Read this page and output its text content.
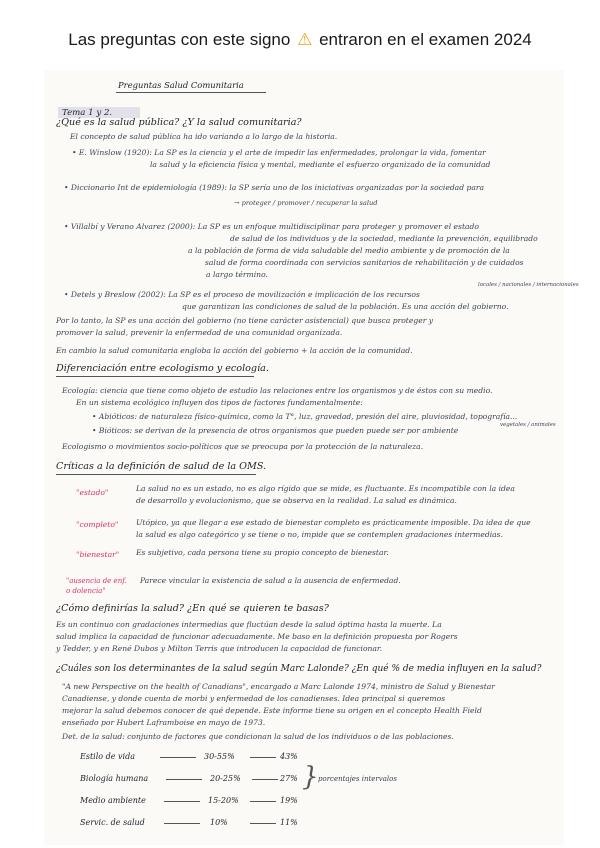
Las preguntas con este signo ⚠ entraron en el examen 2024
Preguntas Salud Comunitaria
Tema 1 y 2.
¿Qué es la salud pública? ¿Y la salud comunitaria?
El concepto de salud pública ha ido variando a lo largo de la historia.
• E. Winslow (1920): La SP es la ciencia y el arte de impedir las enfermedades, prolongar la vida, fomentar
la salud y la eficiencia física y mental, mediante el esfuerzo organizado de la comunidad
• Diccionario Int de epidemiología (1989): la SP sería uno de los iniciativas organizadas por la sociedad para
→ proteger / promover / recuperar la salud
• Villalbí y Verano Alvarez (2000): La SP es un enfoque multidisciplinar para proteger y promover el estado
de salud de los individuos y de la sociedad, mediante la prevención, equilibrado
a la población de forma de vida saludable del medio ambiente y de promoción de la
salud de forma coordinada con servicios sanitarios de rehabilitación y de cuidados
a largo término.
• Detels y Breslow (2002): La SP es el proceso de movilización e implicación de los recursos
que garantizan las condiciones de salud de la población. Es una acción del gobierno.
locales / nacionales / internacionales
Por lo tanto, la SP es una acción del gobierno (no tiene carácter asistencial) que busca proteger y
promover la salud, prevenir la enfermedad de una comunidad organizada.
En cambio la salud comunitaria engloba la acción del gobierno + la acción de la comunidad.
Diferenciación entre ecologismo y ecología.
Ecología: ciencia que tiene como objeto de estudio las relaciones entre los organismos y de éstos con su medio.
En un sistema ecológico influyen dos tipos de factores fundamentalmente:
• Abióticos: de naturaleza físico-química, como la T°, luz, gravedad, presión del aire, pluviosidad, topografía...
• Bióticos: se derivan de la presencia de otros organismos que pueden puede ser por ambiente
vegetales / animales
Ecologismo o movimientos socio-políticos que se preocupa por la protección de la naturaleza.
Críticas a la definición de salud de la OMS.
"estado"	La salud no es un estado, no es algo rígido que se mide, es fluctuante. Es incompatible con la idea
de desarrollo y evolucionismo, que se observa en la realidad. La salud es dinámica.
"completo" Utópico, ya que llegar a ese estado de bienestar completo es prácticamente imposible. Da idea de que
la salud es algo categórico y se tiene o no, impide que se contemplen gradaciones intermedias.
"bienestar" Es subjetivo, cada persona tiene su propio concepto de bienestar.
"ausencia de enf. o dolencia"
Parece vincular la existencia de salud a la ausencia de enfermedad.
¿Cómo definirías la salud? ¿En qué se quieren te basas?
Es un continuo con gradaciones intermedias que fluctúan desde la salud óptima hasta la muerte. La
salud implica la capacidad de funcionar adecuadamente. Me baso en la definición propuesta por Rogers
y Tedder, y en René Dubos y Milton Terris que introducen la capacidad de funcionar.
¿Cuáles son los determinantes de la salud según Marc Lalonde? ¿En qué % de media influyen en la salud?
"A new Perspective on the health of Canadians", encargado a Marc Lalonde 1974, ministro de Salud y Bienestar
Canadiense, y donde cuenta de morbi y enfermedad de los canadienses. Idea principal si queremos
mejorar la salud debemos conocer de qué depende. Este informe tiene su origen en el concepto Health Field
enseñado por Hubert Laframboise en mayo de 1973.
Det. de la salud: conjunto de factores que condicionan la salud de los individuos o de las poblaciones.
Estilo de vida
Biología humana
Medio ambiente
Servic. de salud
30-55%
20-25%
15-20%
10%
43%
27%
19%
11%
} porcentajes intervalos
